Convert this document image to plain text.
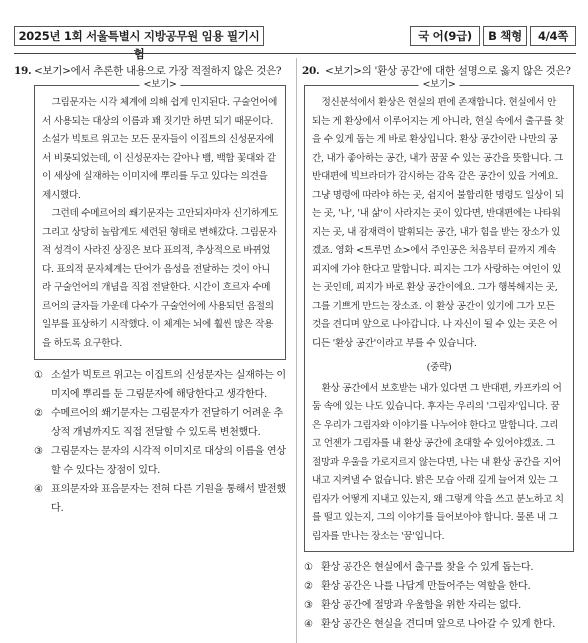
2025년 1회 서울특별시 지방공무원 임용 필기시험
국 어(9급)	B 책형	4/4쪽
19. <보기>에서 추론한 내용으로 가장 적절하지 않은 것은?
<보기>

그림문자는 시각 체계에 의해 쉽게 인지된다. 구술언어에서 사용되는 대상의 이름과 꽤 짓기만 하면 되기 때문이다. 소설가 빅토르 위고는 모든 문자들이 이집트의 신성문자에서 비롯되었는데, 이 신성문자는 갈아나 뱀, 백합 꽃대와 같이 세상에 실재하는 이미지에 뿌리를 두고 있다는 의견을 제시했다.

그런데 수메르어의 쐐기문자는 고안되자마자 신기하게도 그리고 상당히 놀랍게도 세련된 형태로 변해갔다. 그림문자적 성격이 사라진 상징은 보다 표의적, 추상적으로 바뀌었다. 표의적 문자체계는 단어가 음성을 전달하는 것이 아니라 구술언어의 개념을 직접 전달한다. 시간이 흐르자 수메르어의 글자들 가운데 다수가 구술언어에 사용되던 음절의 일부를 표상하기 시작했다. 이 체계는 뇌에 훨씬 많은 작용을 하도록 요구한다.

① 소설가 빅토르 위고는 이집트의 신성문자는 실재하는 이미지에 뿌리를 둔 그림문자에 해당한다고 생각한다.
② 수메르어의 쐐기문자는 그림문자가 전달하기 어려운 추상적 개념까지도 직접 전달할 수 있도록 변천했다.
③ 그림문자는 문자의 시각적 이미지로 대상의 이름을 연상할 수 있다는 장점이 있다.
④ 표의문자와 표음문자는 전혀 다른 기원을 통해서 발전했다.
20. <보기>의 '환상 공간'에 대한 설명으로 옳지 않은 것은?
<보기>

정신분석에서 환상은 현실의 편에 존재합니다. 현실에서 안 되는 게 환상에서 이루어지는 게 아니라, 현실 속에서 출구를 찾을 수 있게 돕는 게 바로 환상입니다. 환상 공간이란 나만의 공간, 내가 좋아하는 공간, 내가 꿈꿀 수 있는 공간을 뜻합니다. 그 반대편에 빅브라더가 감시하는 감옥 같은 공간이 있을 거예요. 그냥 명령에 따라야 하는 곳, 쉼지어 불합리한 명령도 일상이 되는 곳, '나', '내 삶'이 사라지는 곳이 있다면, 반대편에는 나타워지는 곳, 내 잠재력이 발휘되는 공간, 내가 힘을 받는 장소가 있겠죠. 영화 <트루먼 쇼>에서 주인공은 처음부터 끝까지 계속 피지에 가야 한다고 말합니다. 피지는 그가 사랑하는 여인이 있는 곳인데, 피지가 바로 환상 공간이에요. 그가 행복해지는 곳, 그를 기쁘게 만드는 장소죠. 이 환상 공간이 있기에 그가 모든 것을 견디며 앞으로 나아갑니다. 나 자신이 될 수 있는 곳은 어디든 '환상 공간'이라고 부를 수 있습니다.

(중략)

환상 공간에서 보호받는 내가 있다면 그 반대편, 카프카의 어둠 속에 있는 나도 있습니다. 후자는 우리의 '그림자'입니다. 꿈은 우리가 그림자와 이야기를 나누어야 한다고 말합니다. 그리고 언젠가 그림자를 내 환상 공간에 초대할 수 있어야겠죠. 그 절망과 우울을 가로지르지 않는다면, 나는 내 환상 공간을 지어내고 지켜낼 수 없습니다. 밝은 모습 아래 깊게 늘어져 있는 그림자가 어떻게 지내고 있는지, 왜 그렇게 악을 쓰고 분노하고 치를 떨고 있는지, 그의 이야기를 들어보아야 합니다. 물론 내 그림자를 만나는 장소는 '꿈'입니다.

① 환상 공간은 현실에서 출구를 찾을 수 있게 돕는다.
② 환상 공간은 나를 나답게 만들어주는 역할을 한다.
③ 환상 공간에 절망과 우울함을 위한 자리는 없다.
④ 환상 공간은 현실을 견디며 앞으로 나아갈 수 있게 한다.
